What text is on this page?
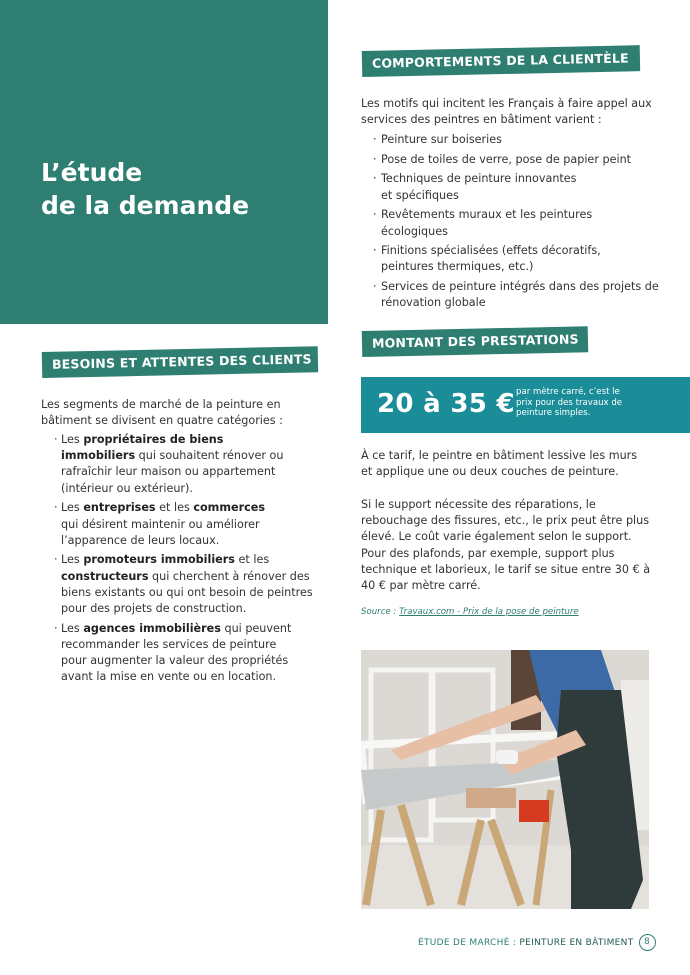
L’étude
de la demande
COMPORTEMENTS DE LA CLIENTÈLE

Les motifs qui incitent les Français à faire appel aux services des peintres en bâtiment varient :

· Peinture sur boiseries
· Pose de toiles de verre, pose de papier peint
· Techniques de peinture innovantes et spécifiques
· Revêtements muraux et les peintures écologiques
· Finitions spécialisées (effets décoratifs, peintures thermiques, etc.)
· Services de peinture intégrés dans des projets de rénovation globale
BESOINS ET ATTENTES DES CLIENTS

Les segments de marché de la peinture en bâtiment se divisent en quatre catégories :

· Les propriétaires de biens immobiliers qui souhaitent rénover ou rafraîchir leur maison ou appartement (intérieur ou extérieur).
· Les entreprises et les commerces qui désirent maintenir ou améliorer l’apparence de leurs locaux.
· Les promoteurs immobiliers et les constructeurs qui cherchent à rénover des biens existants ou qui ont besoin de peintres pour des projets de construction.
· Les agences immobilières qui peuvent recommander les services de peinture pour augmenter la valeur des propriétés avant la mise en vente ou en location.
MONTANT DES PRESTATIONS
20 à 35 € par mètre carré, c’est le prix pour des travaux de peinture simples.

À ce tarif, le peintre en bâtiment lessive les murs et applique une ou deux couches de peinture.

Si le support nécessite des réparations, le rebouchage des fissures, etc., le prix peut être plus élevé. Le coût varie également selon le support. Pour des plafonds, par exemple, support plus technique et laborieux, le tarif se situe entre 30 € à 40 € par mètre carré.

Source : Travaux.com - Prix de la pose de peinture
ÉTUDE DE MARCHÉ : PEINTURE EN BÂTIMENT 8
